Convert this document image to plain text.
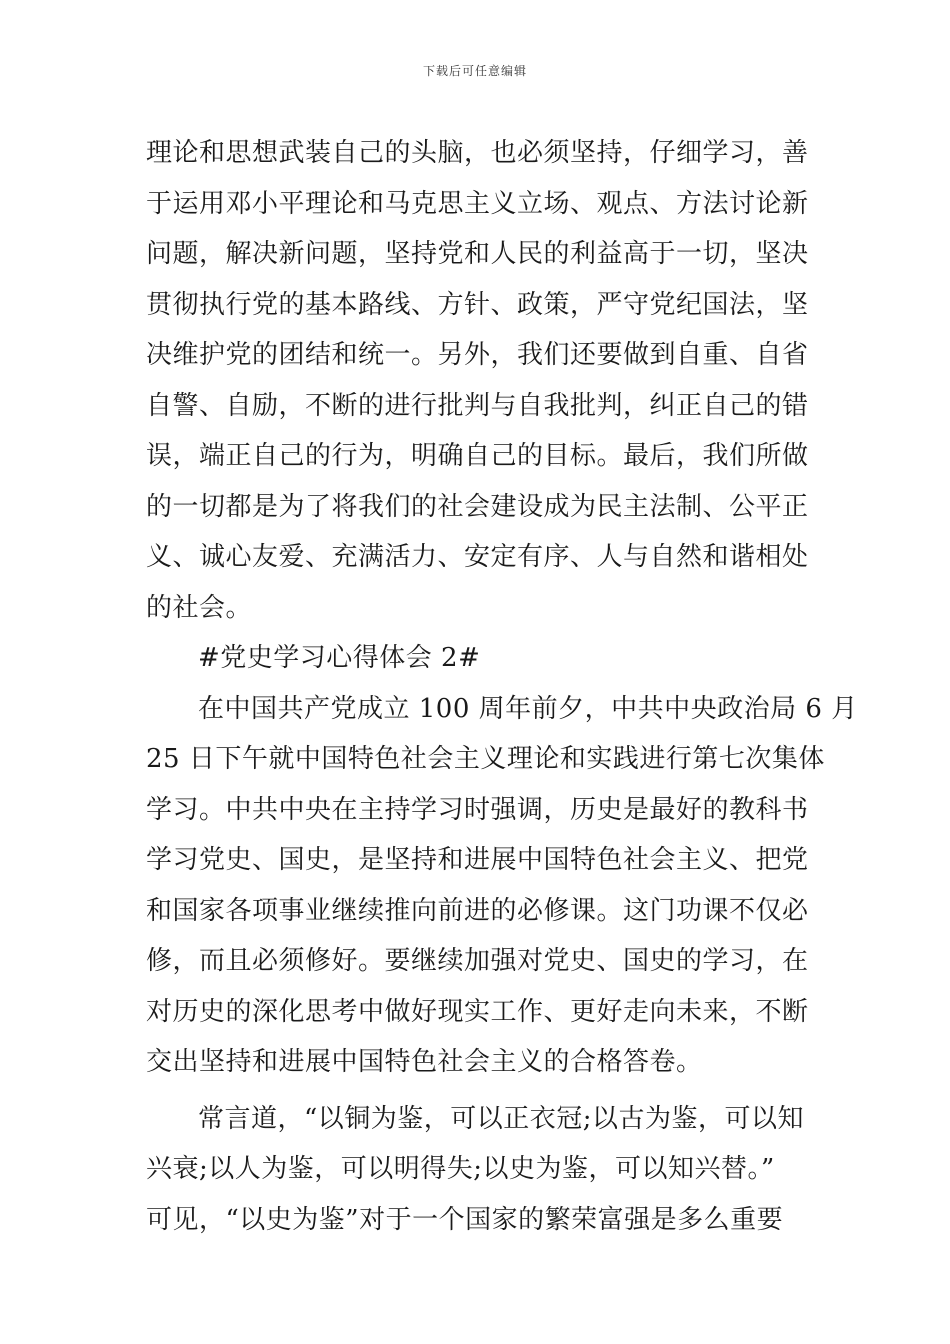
下载后可任意编辑
理论和思想武装自己的头脑，也必须坚持，仔细学习，善
于运用邓小平理论和马克思主义立场、观点、方法讨论新
问题，解决新问题，坚持党和人民的利益高于一切，坚决
贯彻执行党的基本路线、方针、政策，严守党纪国法，坚
决维护党的团结和统一。另外，我们还要做到自重、自省
自警、自励，不断的进行批判与自我批判，纠正自己的错
误，端正自己的行为，明确自己的目标。最后，我们所做
的一切都是为了将我们的社会建设成为民主法制、公平正
义、诚心友爱、充满活力、安定有序、人与自然和谐相处
的社会。
#党史学习心得体会 2#
在中国共产党成立 100 周年前夕，中共中央政治局 6 月
25 日下午就中国特色社会主义理论和实践进行第七次集体
学习。中共中央在主持学习时强调，历史是最好的教科书
学习党史、国史，是坚持和进展中国特色社会主义、把党
和国家各项事业继续推向前进的必修课。这门功课不仅必
修，而且必须修好。要继续加强对党史、国史的学习，在
对历史的深化思考中做好现实工作、更好走向未来，不断
交出坚持和进展中国特色社会主义的合格答卷。
常言道，“以铜为鉴，可以正衣冠;以古为鉴，可以知
兴衰;以人为鉴，可以明得失;以史为鉴，可以知兴替。”
可见，“以史为鉴”对于一个国家的繁荣富强是多么重要
